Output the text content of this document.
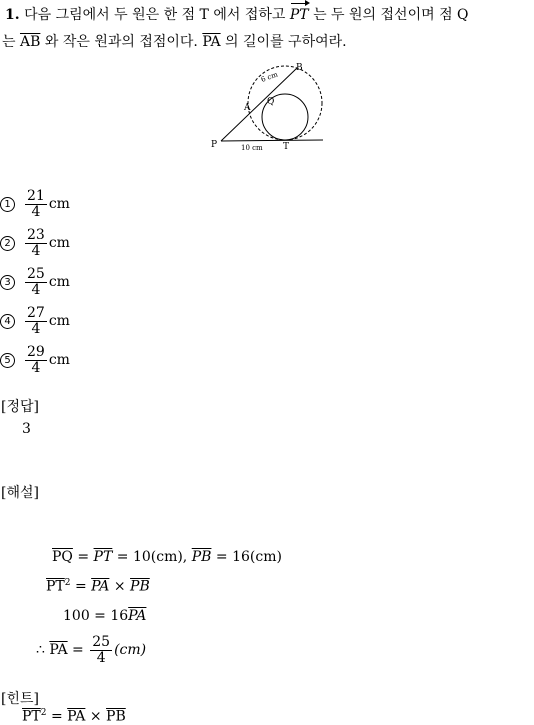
1. 다음 그림에서 두 원은 한 점 T 에서 접하고 PT 는 두 원의 접선이며 점 Q
는 $\overline{AB}$ 와 작은 원과의 접점이다. $\overline{PA}$ 의 길이를 구하여라.
P	T
A
B
Q
6 cm
10 cm
1	$\frac{21}{4}$ cm
2	$\frac{23}{4}$ cm
3	$\frac{25}{4}$ cm
4	$\frac{27}{4}$ cm
5	$\frac{29}{4}$ cm
[정답]
3
[해설]
$\overline{PQ} = \overline{PT} = 10(cm)$, $\overline{PB} = 16(cm)$
$\overline{PT}^2 = \overline{PA} \times \overline{PB}$
$100 = 16\overline{PA}$
∴ $\overline{PA} = \frac{25}{4} (cm)$
[힌트]
$\overline{PT}^2 = \overline{PA} \times \overline{PB}$
